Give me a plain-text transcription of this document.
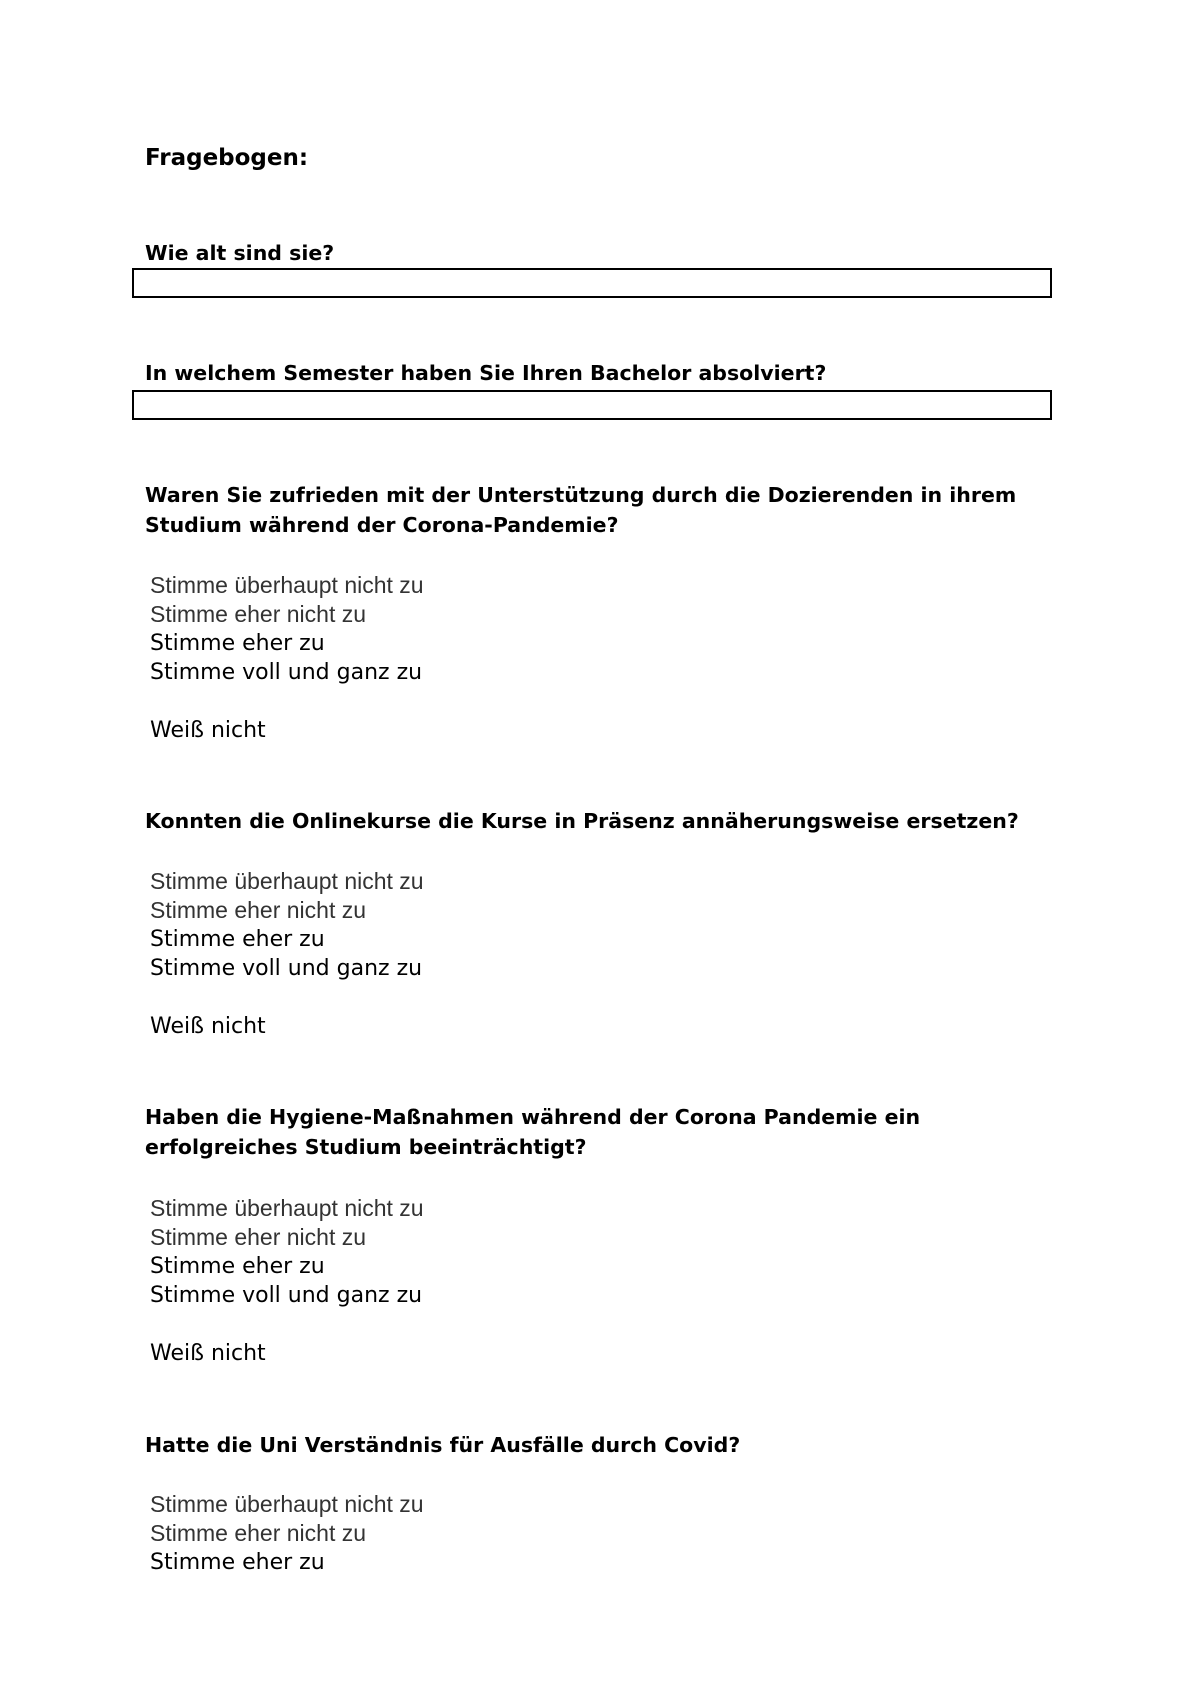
Fragebogen:

Wie alt sind sie?

In welchem Semester haben Sie Ihren Bachelor absolviert?

Waren Sie zufrieden mit der Unterstützung durch die Dozierenden in ihrem Studium während der Corona-Pandemie?

Stimme überhaupt nicht zu
Stimme eher nicht zu
Stimme eher zu
Stimme voll und ganz zu
Weiß nicht

Konnten die Onlinekurse die Kurse in Präsenz annäherungsweise ersetzen?

Stimme überhaupt nicht zu
Stimme eher nicht zu
Stimme eher zu
Stimme voll und ganz zu
Weiß nicht

Haben die Hygiene-Maßnahmen während der Corona Pandemie ein erfolgreiches Studium beeinträchtigt?

Stimme überhaupt nicht zu
Stimme eher nicht zu
Stimme eher zu
Stimme voll und ganz zu
Weiß nicht

Hatte die Uni Verständnis für Ausfälle durch Covid?

Stimme überhaupt nicht zu
Stimme eher nicht zu
Stimme eher zu
